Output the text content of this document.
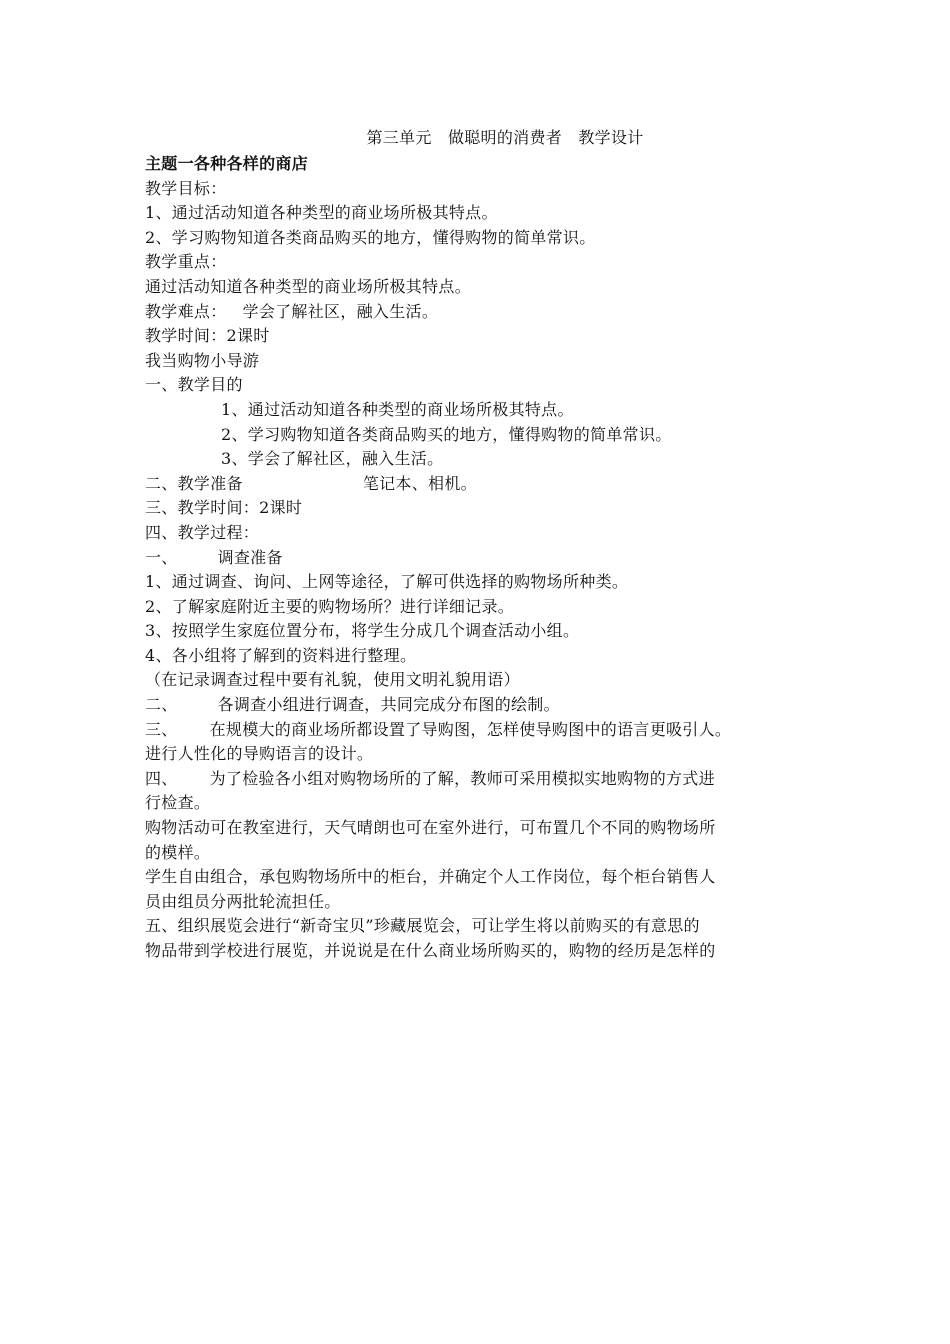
第三单元　做聪明的消费者　教学设计
主题一各种各样的商店
教学目标：
1、通过活动知道各种类型的商业场所极其特点。
2、学习购物知道各类商品购买的地方，懂得购物的简单常识。
教学重点：
通过活动知道各种类型的商业场所极其特点。
教学难点： 学会了解社区，融入生活。
教学时间：2课时
我当购物小导游
一、教学目的
1、通过活动知道各种类型的商业场所极其特点。
2、学习购物知道各类商品购买的地方，懂得购物的简单常识。
3、学会了解社区，融入生活。
二、教学准备	笔记本、相机。
三、教学时间：2课时
四、教学过程：
一、	调查准备
1、通过调查、询问、上网等途径，了解可供选择的购物场所种类。
2、了解家庭附近主要的购物场所？进行详细记录。
3、按照学生家庭位置分布，将学生分成几个调查活动小组。
4、各小组将了解到的资料进行整理。
（在记录调查过程中要有礼貌，使用文明礼貌用语）
二、	各调查小组进行调查，共同完成分布图的绘制。
三、 在规模大的商业场所都设置了导购图，怎样使导购图中的语言更吸引人。
进行人性化的导购语言的设计。
四、 为了检验各小组对购物场所的了解，教师可采用模拟实地购物的方式进
行检查。
购物活动可在教室进行，天气晴朗也可在室外进行，可布置几个不同的购物场所
的模样。
学生自由组合，承包购物场所中的柜台，并确定个人工作岗位，每个柜台销售人
员由组员分两批轮流担任。
五、组织展览会进行“新奇宝贝”珍藏展览会，可让学生将以前购买的有意思的
物品带到学校进行展览，并说说是在什么商业场所购买的，购物的经历是怎样的
